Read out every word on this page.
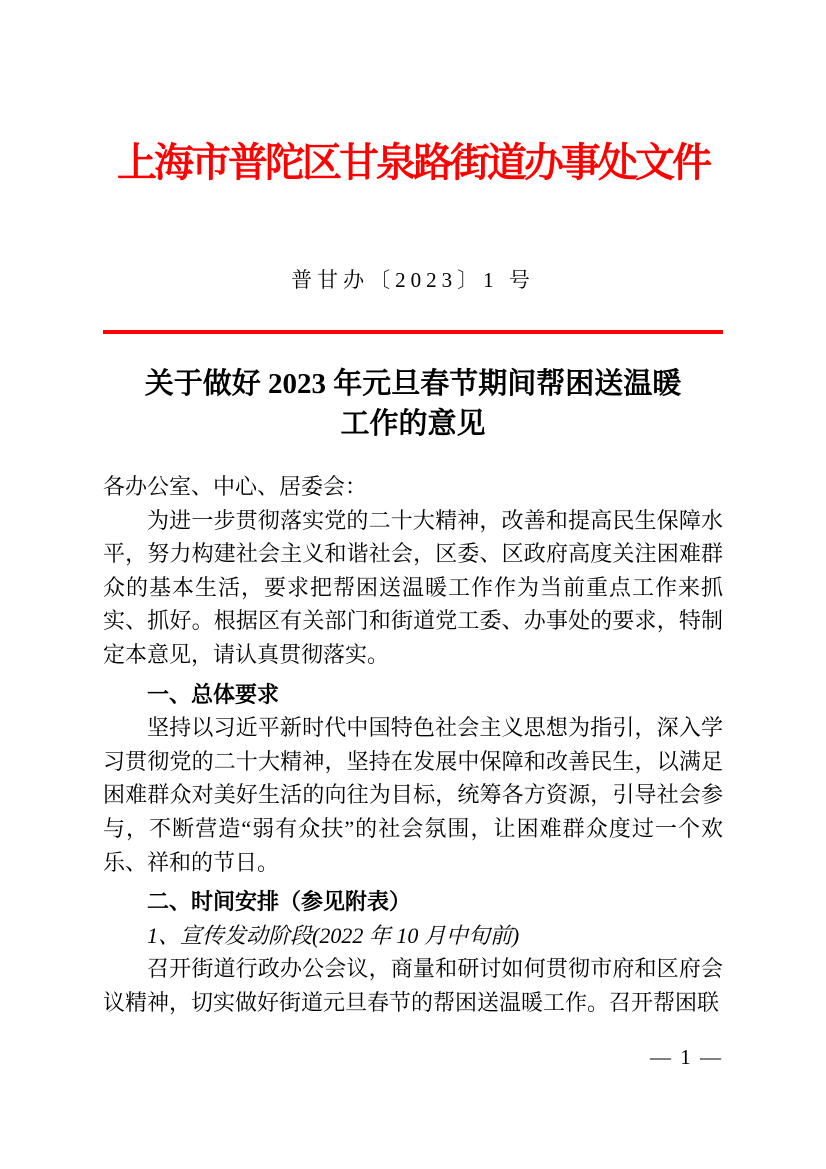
上海市普陀区甘泉路街道办事处文件
普甘办〔2023〕1 号
关于做好 2023 年元旦春节期间帮困送温暖
工作的意见

各办公室、中心、居委会：

为进一步贯彻落实党的二十大精神，改善和提高民生保障水平，努力构建社会主义和谐社会，区委、区政府高度关注困难群众的基本生活，要求把帮困送温暖工作作为当前重点工作来抓实、抓好。根据区有关部门和街道党工委、办事处的要求，特制定本意见，请认真贯彻落实。

一、总体要求

坚持以习近平新时代中国特色社会主义思想为指引，深入学习贯彻党的二十大精神，坚持在发展中保障和改善民生，以满足困难群众对美好生活的向往为目标，统筹各方资源，引导社会参与，不断营造“弱有众扶”的社会氛围，让困难群众度过一个欢乐、祥和的节日。

二、时间安排（参见附表）

1、宣传发动阶段(2022 年 10 月中旬前)

召开街道行政办公会议，商量和研讨如何贯彻市府和区府会议精神，切实做好街道元旦春节的帮困送温暖工作。召开帮困联

— 1 —
